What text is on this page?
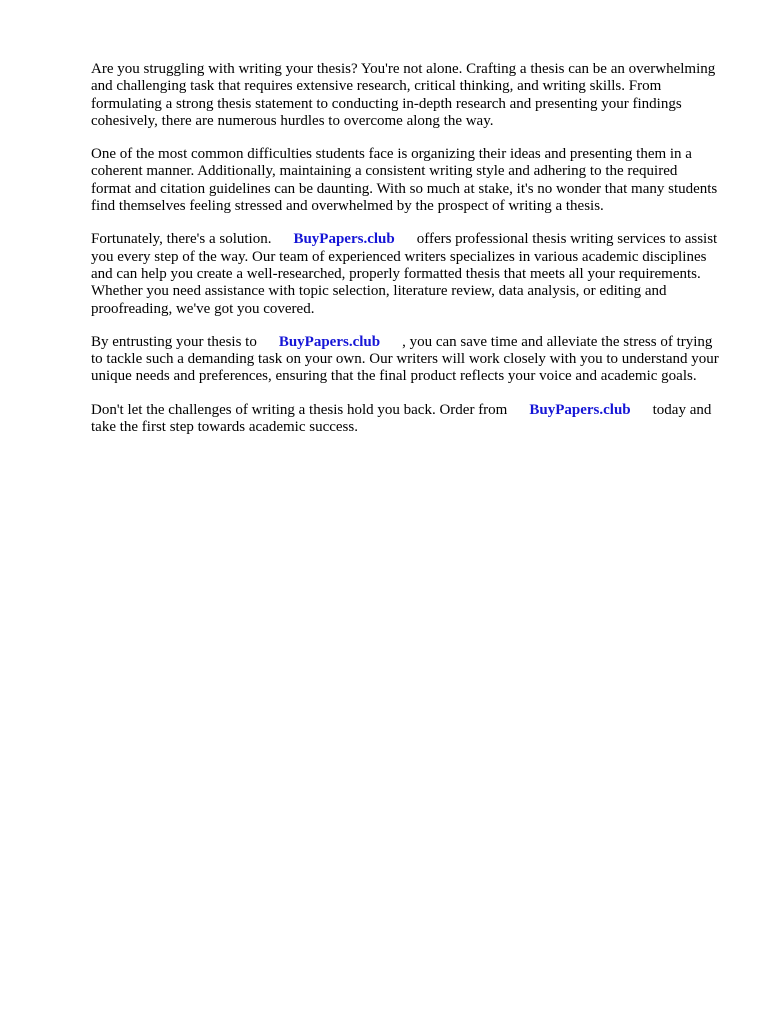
Are you struggling with writing your thesis? You're not alone. Crafting a thesis can be an overwhelming and challenging task that requires extensive research, critical thinking, and writing skills. From formulating a strong thesis statement to conducting in-depth research and presenting your findings cohesively, there are numerous hurdles to overcome along the way.

One of the most common difficulties students face is organizing their ideas and presenting them in a coherent manner. Additionally, maintaining a consistent writing style and adhering to the required format and citation guidelines can be daunting. With so much at stake, it's no wonder that many students find themselves feeling stressed and overwhelmed by the prospect of writing a thesis.

Fortunately, there's a solution. BuyPapers.club offers professional thesis writing services to assist you every step of the way. Our team of experienced writers specializes in various academic disciplines and can help you create a well-researched, properly formatted thesis that meets all your requirements. Whether you need assistance with topic selection, literature review, data analysis, or editing and proofreading, we've got you covered.

By entrusting your thesis to BuyPapers.club , you can save time and alleviate the stress of trying to tackle such a demanding task on your own. Our writers will work closely with you to understand your unique needs and preferences, ensuring that the final product reflects your voice and academic goals.

Don't let the challenges of writing a thesis hold you back. Order from BuyPapers.club today and take the first step towards academic success.
